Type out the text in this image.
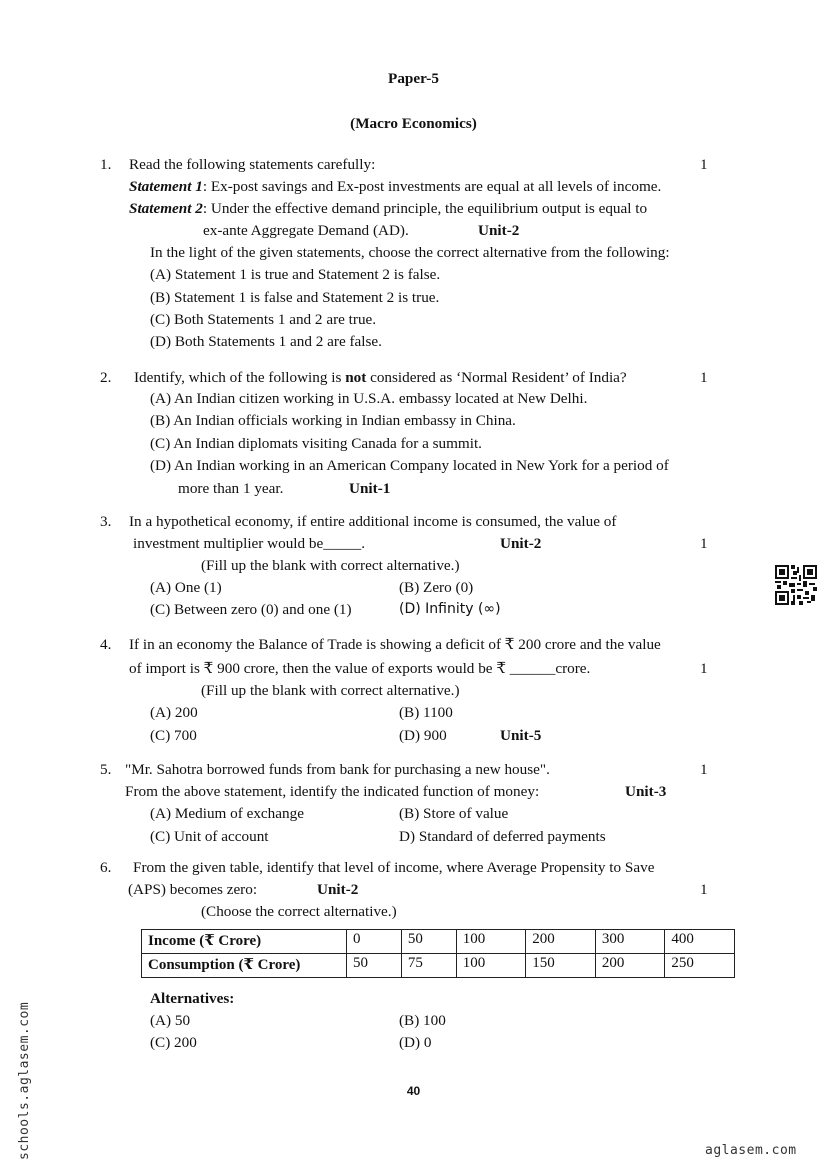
Paper-5
(Macro Economics)
1. Read the following statements carefully:	1
Statement 1: Ex-post savings and Ex-post investments are equal at all levels of income.
Statement 2: Under the effective demand principle, the equilibrium output is equal to
ex-ante Aggregate Demand (AD).	Unit-2
In the light of the given statements, choose the correct alternative from the following:
(A) Statement 1 is true and Statement 2 is false.
(B) Statement 1 is false and Statement 2 is true.
(C) Both Statements 1 and 2 are true.
(D) Both Statements 1 and 2 are false.
2. Identify, which of the following is not considered as ‘Normal Resident’ of India?	1
(A) An Indian citizen working in U.S.A. embassy located at New Delhi.
(B) An Indian officials working in Indian embassy in China.
(C) An Indian diplomats visiting Canada for a summit.
(D) An Indian working in an American Company located in New York for a period of
more than 1 year.	Unit-1
3. In a hypothetical economy, if entire additional income is consumed, the value of
investment multiplier would be_____.	Unit-2	1
(Fill up the blank with correct alternative.)
(A) One (1)	(B) Zero (0)
(C) Between zero (0) and one (1)	(D) Infinity (∞)
4. If in an economy the Balance of Trade is showing a deficit of ₹ 200 crore and the value
of import is ₹ 900 crore, then the value of exports would be ₹ ______crore.	1
(Fill up the blank with correct alternative.)
(A) 200	(B) 1100
(C) 700	(D) 900	Unit-5
5. "Mr. Sahotra borrowed funds from bank for purchasing a new house".	1
From the above statement, identify the indicated function of money:	Unit-3
(A) Medium of exchange	(B) Store of value
(C) Unit of account	D) Standard of deferred payments
6. From the given table, identify that level of income, where Average Propensity to Save
(APS) becomes zero:	Unit-2	1
(Choose the correct alternative.)
Income (₹ Crore)	0	50	100	200	300	400
Consumption (₹ Crore)	50	75	100	150	200	250
Alternatives:
(A) 50	(B) 100
(C) 200	(D) 0
40
aglasem.com
schools.aglasem.com
